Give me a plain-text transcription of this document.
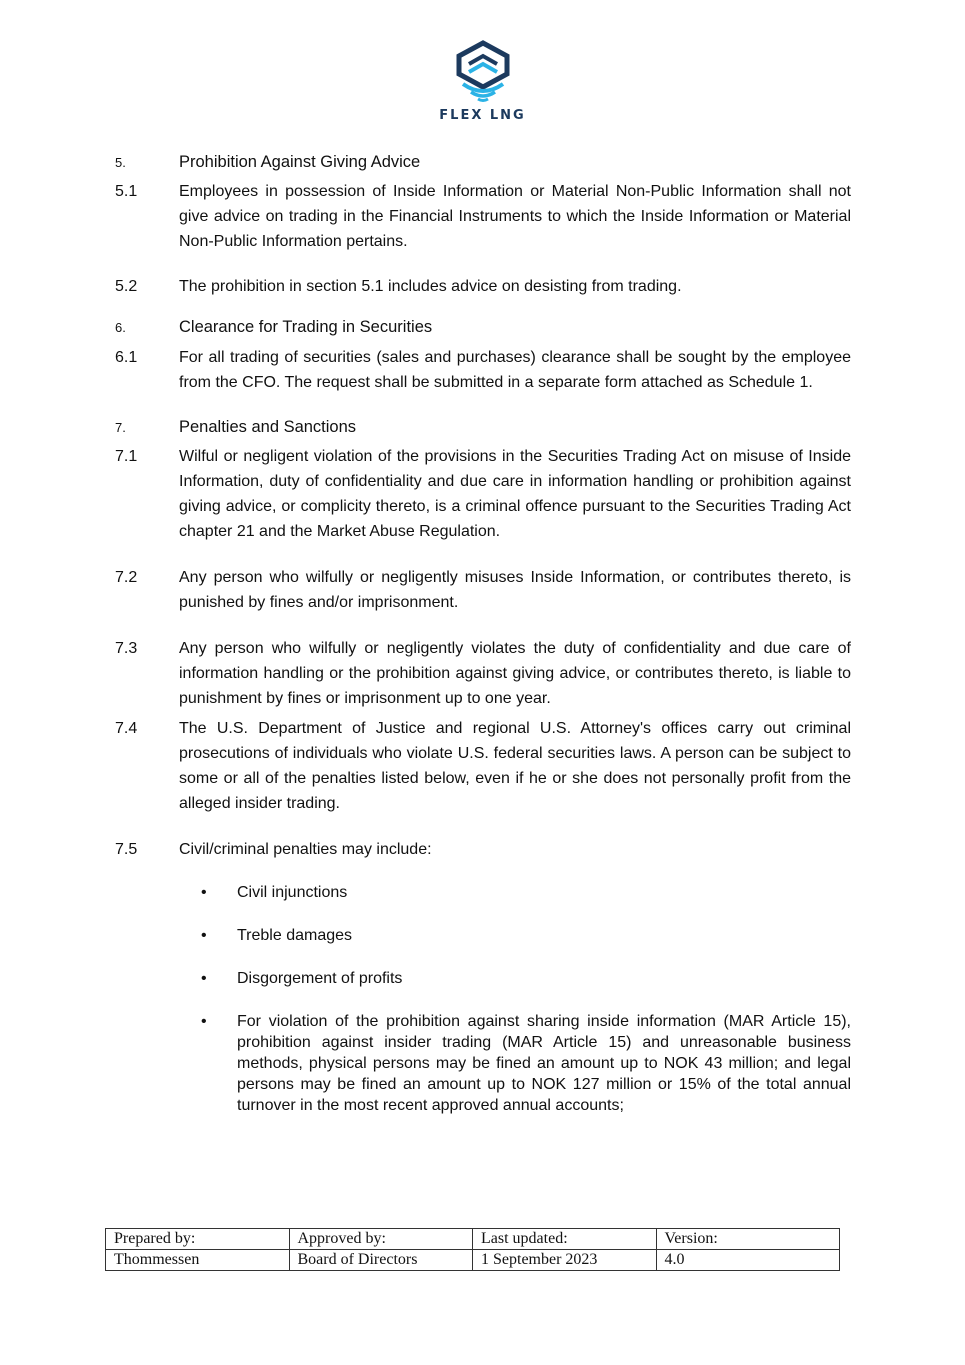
FLEX LNG
5.	Prohibition Against Giving Advice
5.1	Employees in possession of Inside Information or Material Non-Public Information shall not give advice on trading in the Financial Instruments to which the Inside Information or Material Non-Public Information pertains.
5.2	The prohibition in section 5.1 includes advice on desisting from trading.
6.	Clearance for Trading in Securities
6.1	For all trading of securities (sales and purchases) clearance shall be sought by the employee from the CFO. The request shall be submitted in a separate form attached as Schedule 1.
7.	Penalties and Sanctions
7.1	Wilful or negligent violation of the provisions in the Securities Trading Act on misuse of Inside Information, duty of confidentiality and due care in information handling or prohibition against giving advice, or complicity thereto, is a criminal offence pursuant to the Securities Trading Act chapter 21 and the Market Abuse Regulation.
7.2	Any person who wilfully or negligently misuses Inside Information, or contributes thereto, is punished by fines and/or imprisonment.
7.3	Any person who wilfully or negligently violates the duty of confidentiality and due care of information handling or the prohibition against giving advice, or contributes thereto, is liable to punishment by fines or imprisonment up to one year.
7.4	The U.S. Department of Justice and regional U.S. Attorney's offices carry out criminal prosecutions of individuals who violate U.S. federal securities laws. A person can be subject to some or all of the penalties listed below, even if he or she does not personally profit from the alleged insider trading.
7.5	Civil/criminal penalties may include:
•	Civil injunctions
•	Treble damages
•	Disgorgement of profits
•	For violation of the prohibition against sharing inside information (MAR Article 15), prohibition against insider trading (MAR Article 15) and unreasonable business methods, physical persons may be fined an amount up to NOK 43 million; and legal persons may be fined an amount up to NOK 127 million or 15% of the total annual turnover in the most recent approved annual accounts;
Prepared by:	Approved by:	Last updated:	Version:
Thommessen	Board of Directors	1 September 2023	4.0
